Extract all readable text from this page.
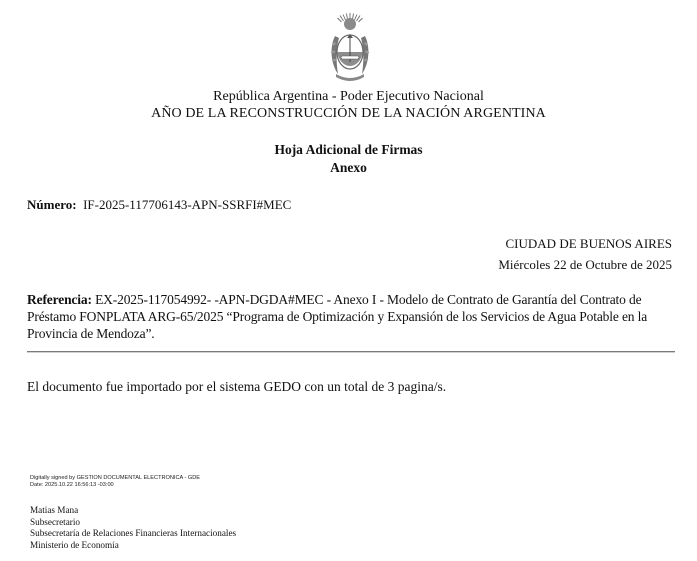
República Argentina - Poder Ejecutivo Nacional
AÑO DE LA RECONSTRUCCIÓN DE LA NACIÓN ARGENTINA
Hoja Adicional de Firmas
Anexo
Número: IF-2025-117706143-APN-SSRFI#MEC
CIUDAD DE BUENOS AIRES
Miércoles 22 de Octubre de 2025
Referencia: EX-2025-117054992- -APN-DGDA#MEC - Anexo I - Modelo de Contrato de Garantía del Contrato de Préstamo FONPLATA ARG-65/2025 “Programa de Optimización y Expansión de los Servicios de Agua Potable en la Provincia de Mendoza”.
El documento fue importado por el sistema GEDO con un total de 3 pagina/s.
Digitally signed by GESTION DOCUMENTAL ELECTRONICA - GDE
Date: 2025.10.22 16:56:13 -03:00
Matias Mana
Subsecretario
Subsecretaría de Relaciones Financieras Internacionales
Ministerio de Economía
